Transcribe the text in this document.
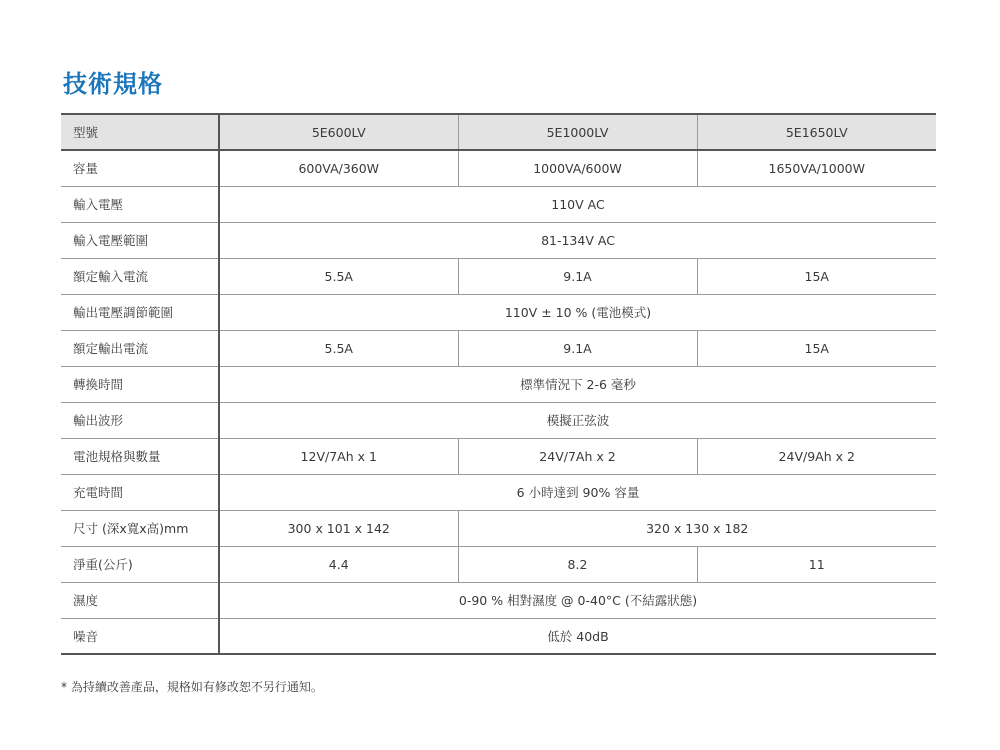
技術規格
型號	5E600LV	5E1000LV	5E1650LV
容量	600VA/360W	1000VA/600W	1650VA/1000W
輸入電壓	110V AC		
輸入電壓範圍	81-134V AC		
額定輸入電流	5.5A	9.1A	15A
輸出電壓調節範圍	110V ± 10 % (電池模式)		
額定輸出電流	5.5A	9.1A	15A
轉換時間	標準情況下 2-6 毫秒		
輸出波形	模擬正弦波		
電池規格與數量	12V/7Ah x 1	24V/7Ah x 2	24V/9Ah x 2
充電時間	6 小時達到 90% 容量		
尺寸 (深x寬x高)mm	300 x 101 x 142	320 x 130 x 182	
淨重(公斤)	4.4	8.2	11
濕度	0-90 % 相對濕度 @ 0-40°C (不結露狀態)		
噪音	低於 40dB		
* 為持續改善產品，規格如有修改恕不另行通知。
